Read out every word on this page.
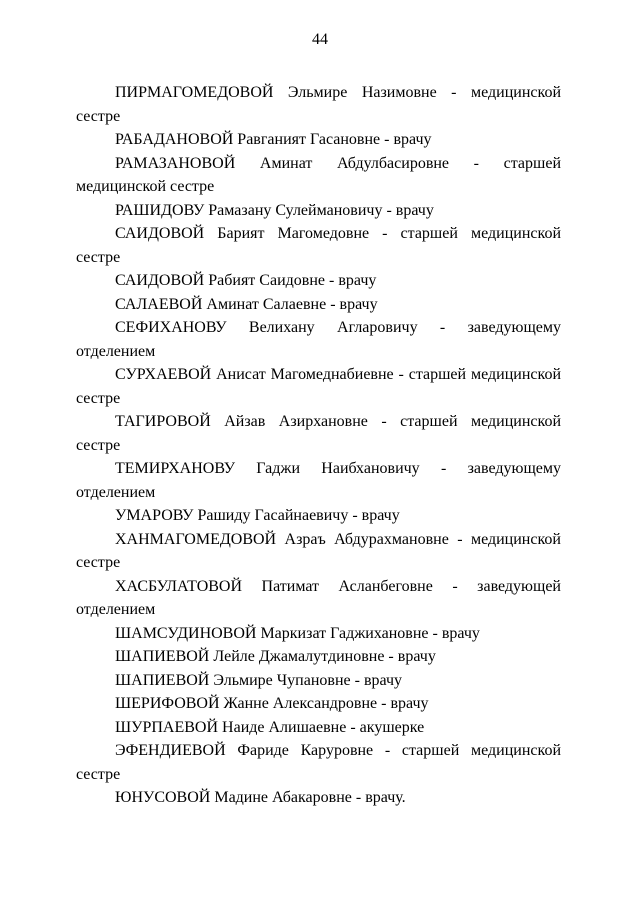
44

ПИРМАГОМЕДОВОЙ Эльмире Назимовне - медицинской сестре

РАБАДАНОВОЙ Равганият Гасановне - врачу

РАМАЗАНОВОЙ Аминат Абдулбасировне - старшей медицинской сестре

РАШИДОВУ Рамазану Сулеймановичу - врачу

САИДОВОЙ Барият Магомедовне - старшей медицинской сестре

САИДОВОЙ Рабият Саидовне - врачу

САЛАЕВОЙ Аминат Салаевне - врачу

СЕФИХАНОВУ Велихану Агларовичу - заведующему отделением

СУРХАЕВОЙ Анисат Магомеднабиевне - старшей медицинской сестре

ТАГИРОВОЙ Айзав Азирхановне - старшей медицинской сестре

ТЕМИРХАНОВУ Гаджи Наибхановичу - заведующему отделением

УМАРОВУ Рашиду Гасайнаевичу - врачу

ХАНМАГОМЕДОВОЙ Азраъ Абдурахмановне - медицинской сестре

ХАСБУЛАТОВОЙ Патимат Асланбеговне - заведующей отделением

ШАМСУДИНОВОЙ Маркизат Гаджихановне - врачу

ШАПИЕВОЙ Лейле Джамалутдиновне - врачу

ШАПИЕВОЙ Эльмире Чупановне - врачу

ШЕРИФОВОЙ Жанне Александровне - врачу

ШУРПАЕВОЙ Наиде Алишаевне - акушерке

ЭФЕНДИЕВОЙ Фариде Каруровне - старшей медицинской сестре

ЮНУСОВОЙ Мадине Абакаровне - врачу.
